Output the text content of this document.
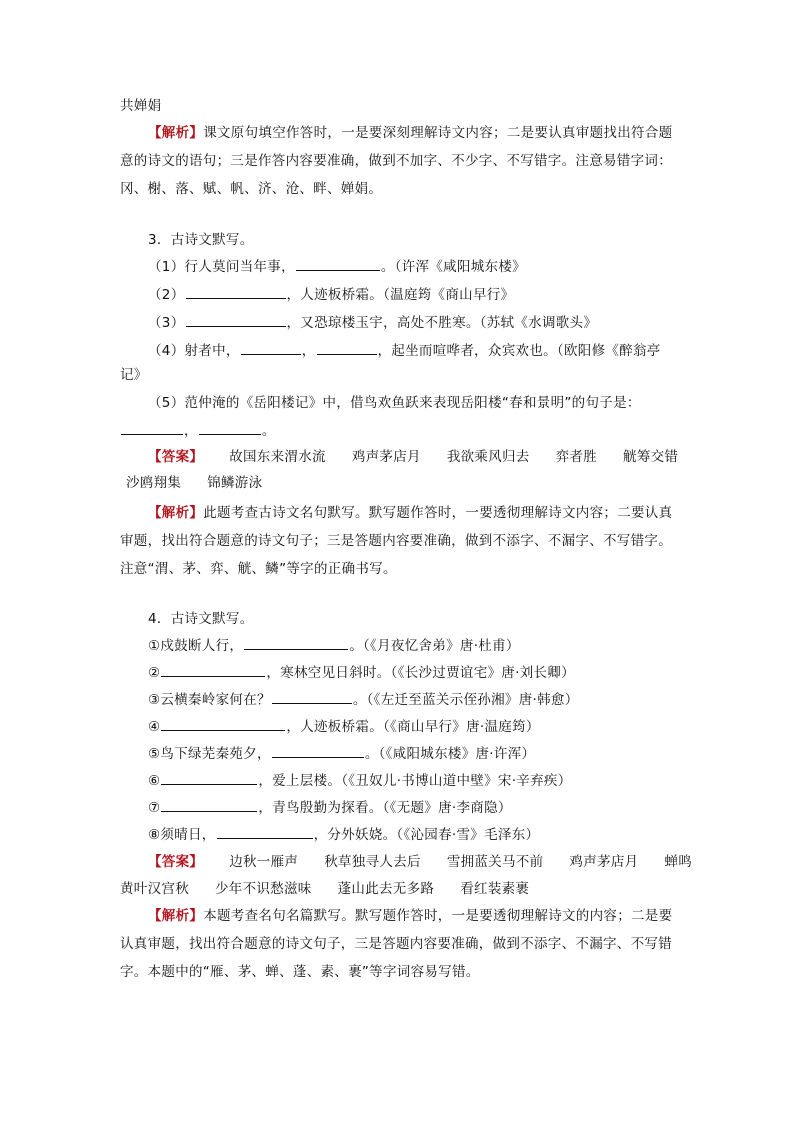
共婵娟
【解析】课文原句填空作答时，一是要深刻理解诗文内容；二是要认真审题找出符合题
意的诗文的语句；三是作答内容要准确，做到不加字、不少字、不写错字。注意易错字词：
冈、榭、落、赋、帆、济、沧、畔、婵娟。
3．古诗文默写。
（1）行人莫问当年事，	。（许浑《咸阳城东楼》
（2）	，人迹板桥霜。（温庭筠《商山早行》
（3）	，又恐琼楼玉宇，高处不胜寒。（苏轼《水调歌头》
（4）射者中，	，	，起坐而喧哗者，众宾欢也。（欧阳修《醉翁亭
记》
（5）范仲淹的《岳阳楼记》中，借鸟欢鱼跃来表现岳阳楼“春和景明”的句子是：
，	。
【答案】 故国东来渭水流 鸡声茅店月 我欲乘风归去 弈者胜 觥筹交错
沙鸥翔集 锦鳞游泳
【解析】此题考查古诗文名句默写。默写题作答时，一要透彻理解诗文内容；二要认真
审题，找出符合题意的诗文句子；三是答题内容要准确，做到不添字、不漏字、不写错字。
注意“渭、茅、弈、觥、鳞”等字的正确书写。
4．古诗文默写。
①戍鼓断人行，	。（《月夜忆舍弟》唐·杜甫）
②	，寒林空见日斜时。（《长沙过贾谊宅》唐·刘长卿）
③云横秦岭家何在？	。（《左迁至蓝关示侄孙湘》唐·韩愈）
④	，人迹板桥霜。（《商山早行》唐·温庭筠）
⑤鸟下绿芜秦苑夕，	。（《咸阳城东楼》唐·许浑）
⑥	，爱上层楼。（《丑奴儿·书博山道中壁》宋·辛弃疾）
⑦	，青鸟殷勤为探看。（《无题》唐·李商隐）
⑧须晴日，	，分外妖娆。（《沁园春·雪》毛泽东）
【答案】 边秋一雁声 秋草独寻人去后 雪拥蓝关马不前 鸡声茅店月 蝉鸣
黄叶汉宫秋 少年不识愁滋味 蓬山此去无多路 看红装素裹
【解析】本题考查名句名篇默写。默写题作答时，一是要透彻理解诗文的内容；二是要
认真审题，找出符合题意的诗文句子，三是答题内容要准确，做到不添字、不漏字、不写错
字。本题中的“雁、茅、蝉、蓬、素、裹”等字词容易写错。
